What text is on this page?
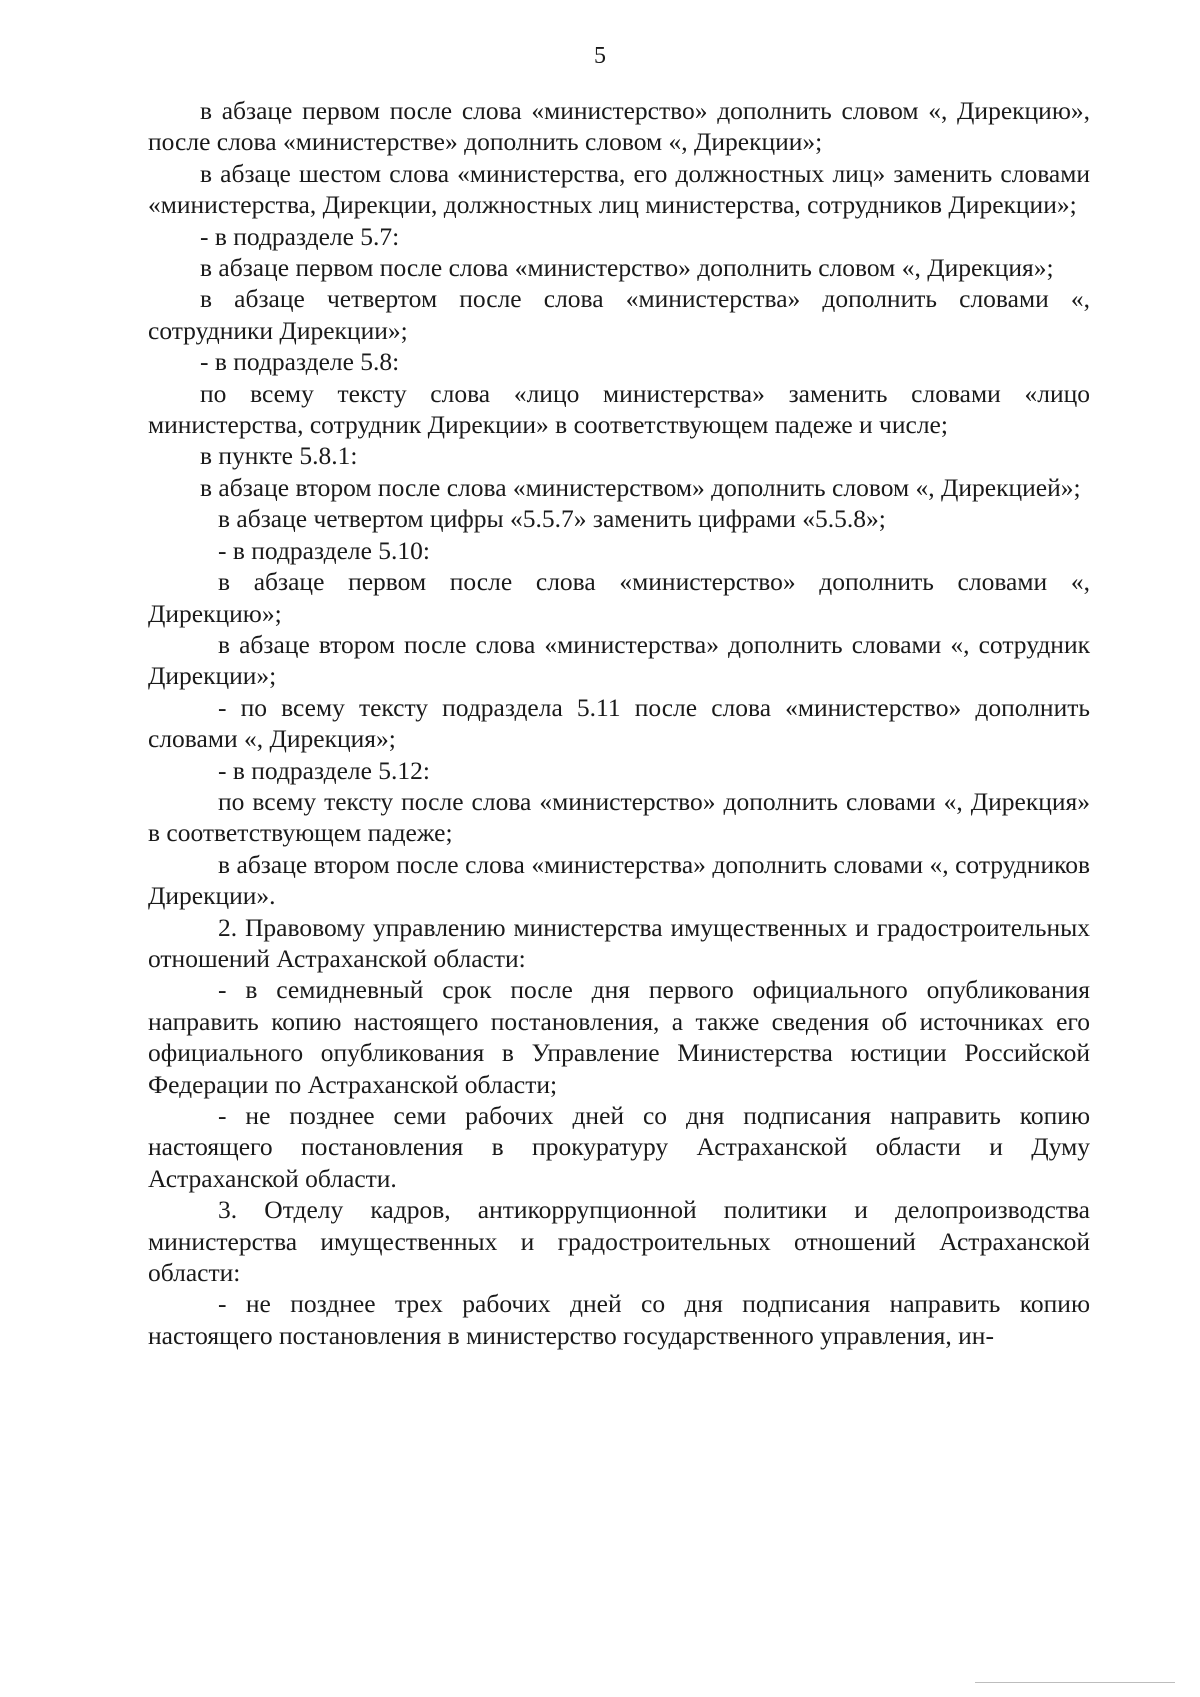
5

в абзаце первом после слова «министерство» дополнить словом «, Дирекцию», после слова «министерстве» дополнить словом «, Дирекции»;

в абзаце шестом слова «министерства, его должностных лиц» заменить словами «министерства, Дирекции, должностных лиц министерства, сотрудников Дирекции»;

- в подразделе 5.7:

в абзаце первом после слова «министерство» дополнить словом «, Дирекция»;

в абзаце четвертом после слова «министерства» дополнить словами «, сотрудники Дирекции»;

- в подразделе 5.8:

по всему тексту слова «лицо министерства» заменить словами «лицо министерства, сотрудник Дирекции» в соответствующем падеже и числе;

в пункте 5.8.1:

в абзаце втором после слова «министерством» дополнить словом «, Дирекцией»;

в абзаце четвертом цифры «5.5.7» заменить цифрами «5.5.8»;

- в подразделе 5.10:

в абзаце первом после слова «министерство» дополнить словами «, Дирекцию»;

в абзаце втором после слова «министерства» дополнить словами «, сотрудник Дирекции»;

- по всему тексту подраздела 5.11 после слова «министерство» дополнить словами «, Дирекция»;

- в подразделе 5.12:

по всему тексту после слова «министерство» дополнить словами «, Дирекция» в соответствующем падеже;

в абзаце втором после слова «министерства» дополнить словами «, сотрудников Дирекции».

2. Правовому управлению министерства имущественных и градостроительных отношений Астраханской области:

- в семидневный срок после дня первого официального опубликования направить копию настоящего постановления, а также сведения об источниках его официального опубликования в Управление Министерства юстиции Российской Федерации по Астраханской области;

- не позднее семи рабочих дней со дня подписания направить копию настоящего постановления в прокуратуру Астраханской области и Думу Астраханской области.

3. Отделу кадров, антикоррупционной политики и делопроизводства министерства имущественных и градостроительных отношений Астраханской области:

- не позднее трех рабочих дней со дня подписания направить копию настоящего постановления в министерство государственного управления, ин-
